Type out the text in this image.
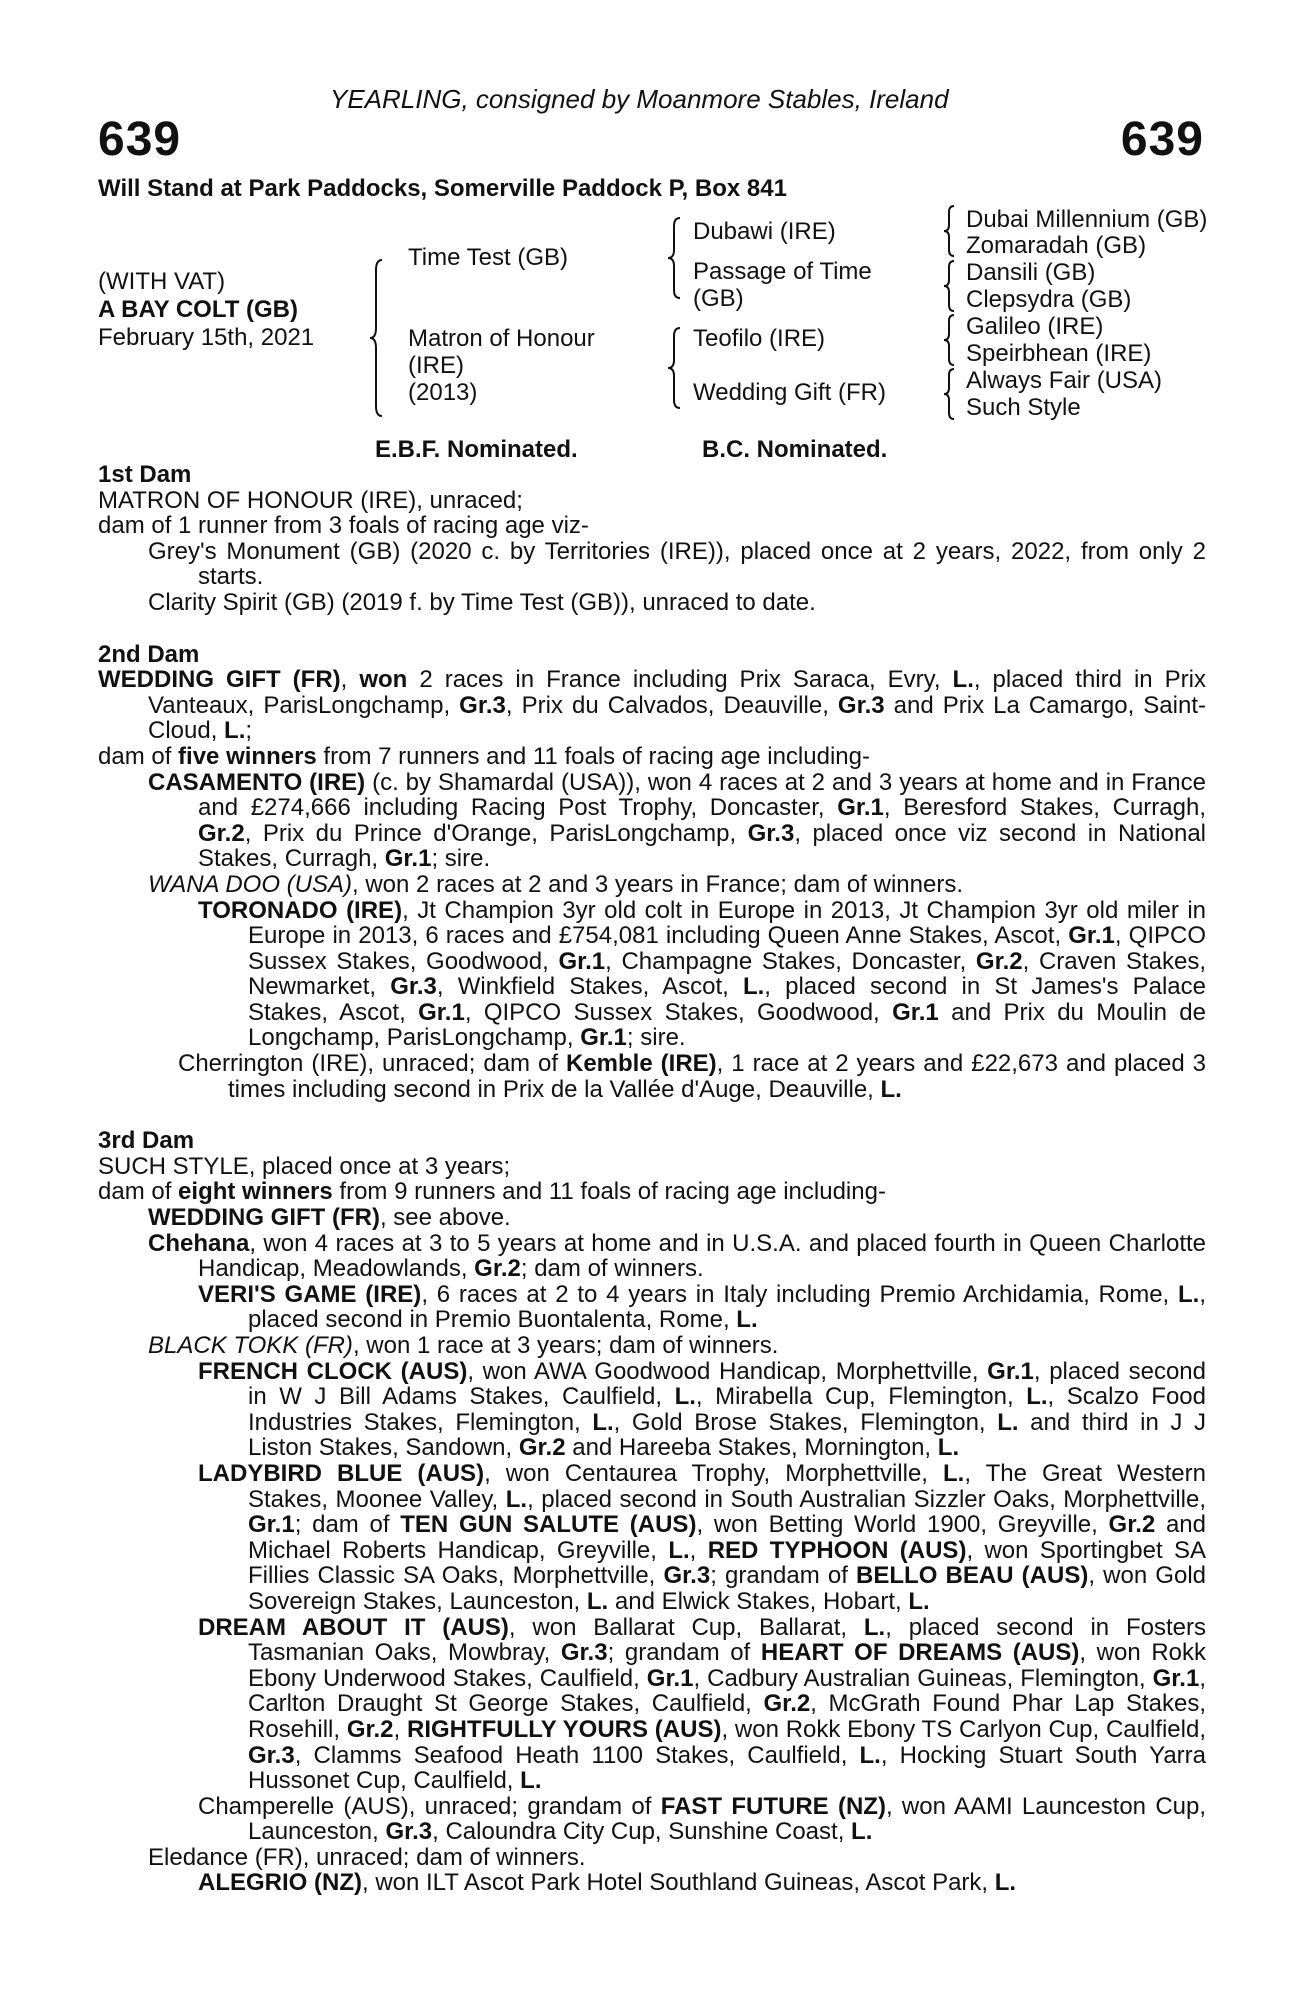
YEARLING, consigned by Moanmore Stables, Ireland
639	639
Will Stand at Park Paddocks, Somerville Paddock P, Box 841
(WITH VAT)
A BAY COLT (GB)
February 15th, 2021
Time Test (GB)
Matron of Honour
(IRE)
(2013)
Dubawi (IRE)
Passage of Time
(GB)
Teofilo (IRE)
Wedding Gift (FR)
Dubai Millennium (GB)
Zomaradah (GB)
Dansili (GB)
Clepsydra (GB)
Galileo (IRE)
Speirbhean (IRE)
Always Fair (USA)
Such Style
E.B.F. Nominated.	B.C. Nominated.
1st Dam

MATRON OF HONOUR (IRE), unraced;

dam of 1 runner from 3 foals of racing age viz-

Grey's Monument (GB) (2020 c. by Territories (IRE)), placed once at 2 years, 2022, from only 2 starts.

Clarity Spirit (GB) (2019 f. by Time Test (GB)), unraced to date.

2nd Dam

WEDDING GIFT (FR), won 2 races in France including Prix Saraca, Evry, L., placed third in Prix Vanteaux, ParisLongchamp, Gr.3, Prix du Calvados, Deauville, Gr.3 and Prix La Camargo, Saint-Cloud, L.;

dam of five winners from 7 runners and 11 foals of racing age including-

CASAMENTO (IRE) (c. by Shamardal (USA)), won 4 races at 2 and 3 years at home and in France and £274,666 including Racing Post Trophy, Doncaster, Gr.1, Beresford Stakes, Curragh, Gr.2, Prix du Prince d'Orange, ParisLongchamp, Gr.3, placed once viz second in National Stakes, Curragh, Gr.1; sire.

WANA DOO (USA), won 2 races at 2 and 3 years in France; dam of winners.

TORONADO (IRE), Jt Champion 3yr old colt in Europe in 2013, Jt Champion 3yr old miler in Europe in 2013, 6 races and £754,081 including Queen Anne Stakes, Ascot, Gr.1, QIPCO Sussex Stakes, Goodwood, Gr.1, Champagne Stakes, Doncaster, Gr.2, Craven Stakes, Newmarket, Gr.3, Winkfield Stakes, Ascot, L., placed second in St James's Palace Stakes, Ascot, Gr.1, QIPCO Sussex Stakes, Goodwood, Gr.1 and Prix du Moulin de Longchamp, ParisLongchamp, Gr.1; sire.

Cherrington (IRE), unraced; dam of Kemble (IRE), 1 race at 2 years and £22,673 and placed 3 times including second in Prix de la Vallée d'Auge, Deauville, L.

3rd Dam

SUCH STYLE, placed once at 3 years;

dam of eight winners from 9 runners and 11 foals of racing age including-

WEDDING GIFT (FR), see above.

Chehana, won 4 races at 3 to 5 years at home and in U.S.A. and placed fourth in Queen Charlotte Handicap, Meadowlands, Gr.2; dam of winners.

VERI'S GAME (IRE), 6 races at 2 to 4 years in Italy including Premio Archidamia, Rome, L., placed second in Premio Buontalenta, Rome, L.

BLACK TOKK (FR), won 1 race at 3 years; dam of winners.

FRENCH CLOCK (AUS), won AWA Goodwood Handicap, Morphettville, Gr.1, placed second in W J Bill Adams Stakes, Caulfield, L., Mirabella Cup, Flemington, L., Scalzo Food Industries Stakes, Flemington, L., Gold Brose Stakes, Flemington, L. and third in J J Liston Stakes, Sandown, Gr.2 and Hareeba Stakes, Mornington, L.

LADYBIRD BLUE (AUS), won Centaurea Trophy, Morphettville, L., The Great Western Stakes, Moonee Valley, L., placed second in South Australian Sizzler Oaks, Morphettville, Gr.1; dam of TEN GUN SALUTE (AUS), won Betting World 1900, Greyville, Gr.2 and Michael Roberts Handicap, Greyville, L., RED TYPHOON (AUS), won Sportingbet SA Fillies Classic SA Oaks, Morphettville, Gr.3; grandam of BELLO BEAU (AUS), won Gold Sovereign Stakes, Launceston, L. and Elwick Stakes, Hobart, L.

DREAM ABOUT IT (AUS), won Ballarat Cup, Ballarat, L., placed second in Fosters Tasmanian Oaks, Mowbray, Gr.3; grandam of HEART OF DREAMS (AUS), won Rokk Ebony Underwood Stakes, Caulfield, Gr.1, Cadbury Australian Guineas, Flemington, Gr.1, Carlton Draught St George Stakes, Caulfield, Gr.2, McGrath Found Phar Lap Stakes, Rosehill, Gr.2, RIGHTFULLY YOURS (AUS), won Rokk Ebony TS Carlyon Cup, Caulfield, Gr.3, Clamms Seafood Heath 1100 Stakes, Caulfield, L., Hocking Stuart South Yarra Hussonet Cup, Caulfield, L.

Champerelle (AUS), unraced; grandam of FAST FUTURE (NZ), won AAMI Launceston Cup, Launceston, Gr.3, Caloundra City Cup, Sunshine Coast, L.

Eledance (FR), unraced; dam of winners.

ALEGRIO (NZ), won ILT Ascot Park Hotel Southland Guineas, Ascot Park, L.
